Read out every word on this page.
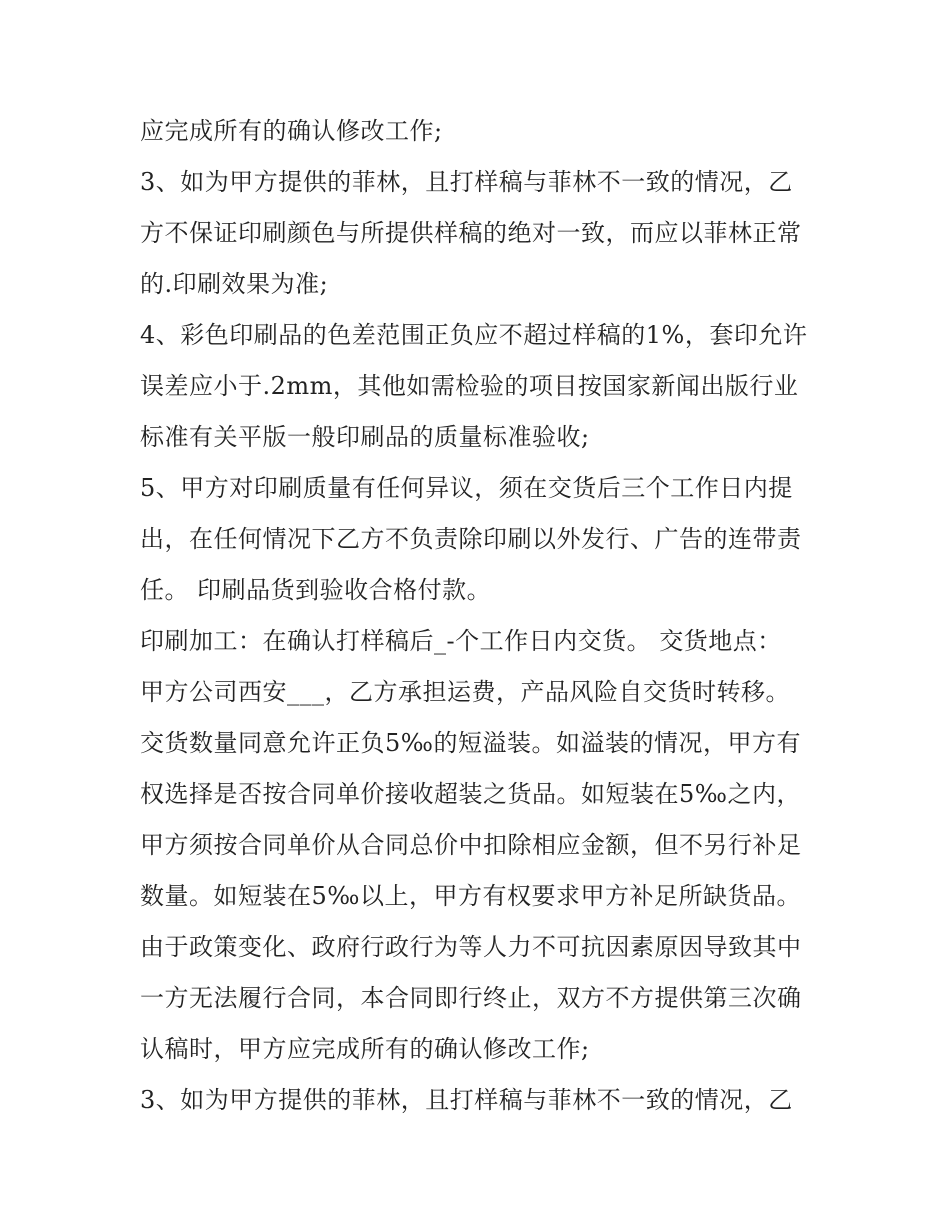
应完成所有的确认修改工作;
3、如为甲方提供的菲林，且打样稿与菲林不一致的情况，乙
方不保证印刷颜色与所提供样稿的绝对一致，而应以菲林正常
的.印刷效果为准;
4、彩色印刷品的色差范围正负应不超过样稿的1%，套印允许
误差应小于.2mm，其他如需检验的项目按国家新闻出版行业
标准有关平版一般印刷品的质量标准验收;
5、甲方对印刷质量有任何异议，须在交货后三个工作日内提
出，在任何情况下乙方不负责除印刷以外发行、广告的连带责
任。 印刷品货到验收合格付款。
印刷加工：在确认打样稿后_-个工作日内交货。 交货地点：
甲方公司西安___，乙方承担运费，产品风险自交货时转移。
交货数量同意允许正负5‰的短溢装。如溢装的情况，甲方有
权选择是否按合同单价接收超装之货品。如短装在5‰之内，
甲方须按合同单价从合同总价中扣除相应金额，但不另行补足
数量。如短装在5‰以上，甲方有权要求甲方补足所缺货品。
由于政策变化、政府行政行为等人力不可抗因素原因导致其中
一方无法履行合同，本合同即行终止，双方不方提供第三次确
认稿时，甲方应完成所有的确认修改工作;
3、如为甲方提供的菲林，且打样稿与菲林不一致的情况，乙
